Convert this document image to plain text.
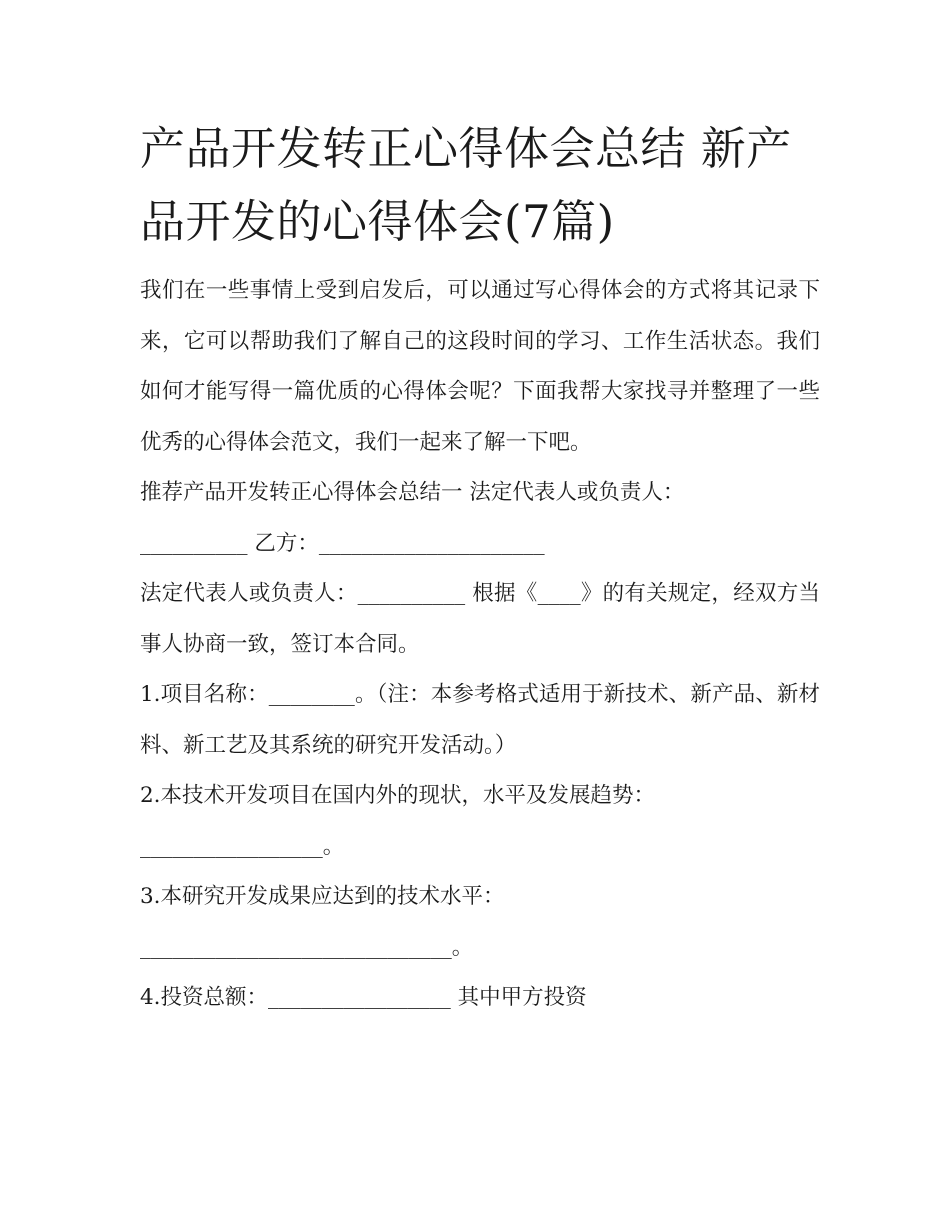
产品开发转正心得体会总结 新产品开发的心得体会(7篇)

我们在一些事情上受到启发后，可以通过写心得体会的方式将其记录下来，它可以帮助我们了解自己的这段时间的学习、工作生活状态。我们如何才能写得一篇优质的心得体会呢？下面我帮大家找寻并整理了一些优秀的心得体会范文，我们一起来了解一下吧。

推荐产品开发转正心得体会总结一 法定代表人或负责人：

__________ 乙方：_____________________

法定代表人或负责人：__________ 根据《____》的有关规定，经双方当事人协商一致，签订本合同。

1.项目名称：________。（注：本参考格式适用于新技术、新产品、新材料、新工艺及其系统的研究开发活动。）

2.本技术开发项目在国内外的现状，水平及发展趋势：

_________________。

3.本研究开发成果应达到的技术水平：

_____________________________。

4.投资总额：_________________ 其中甲方投资
